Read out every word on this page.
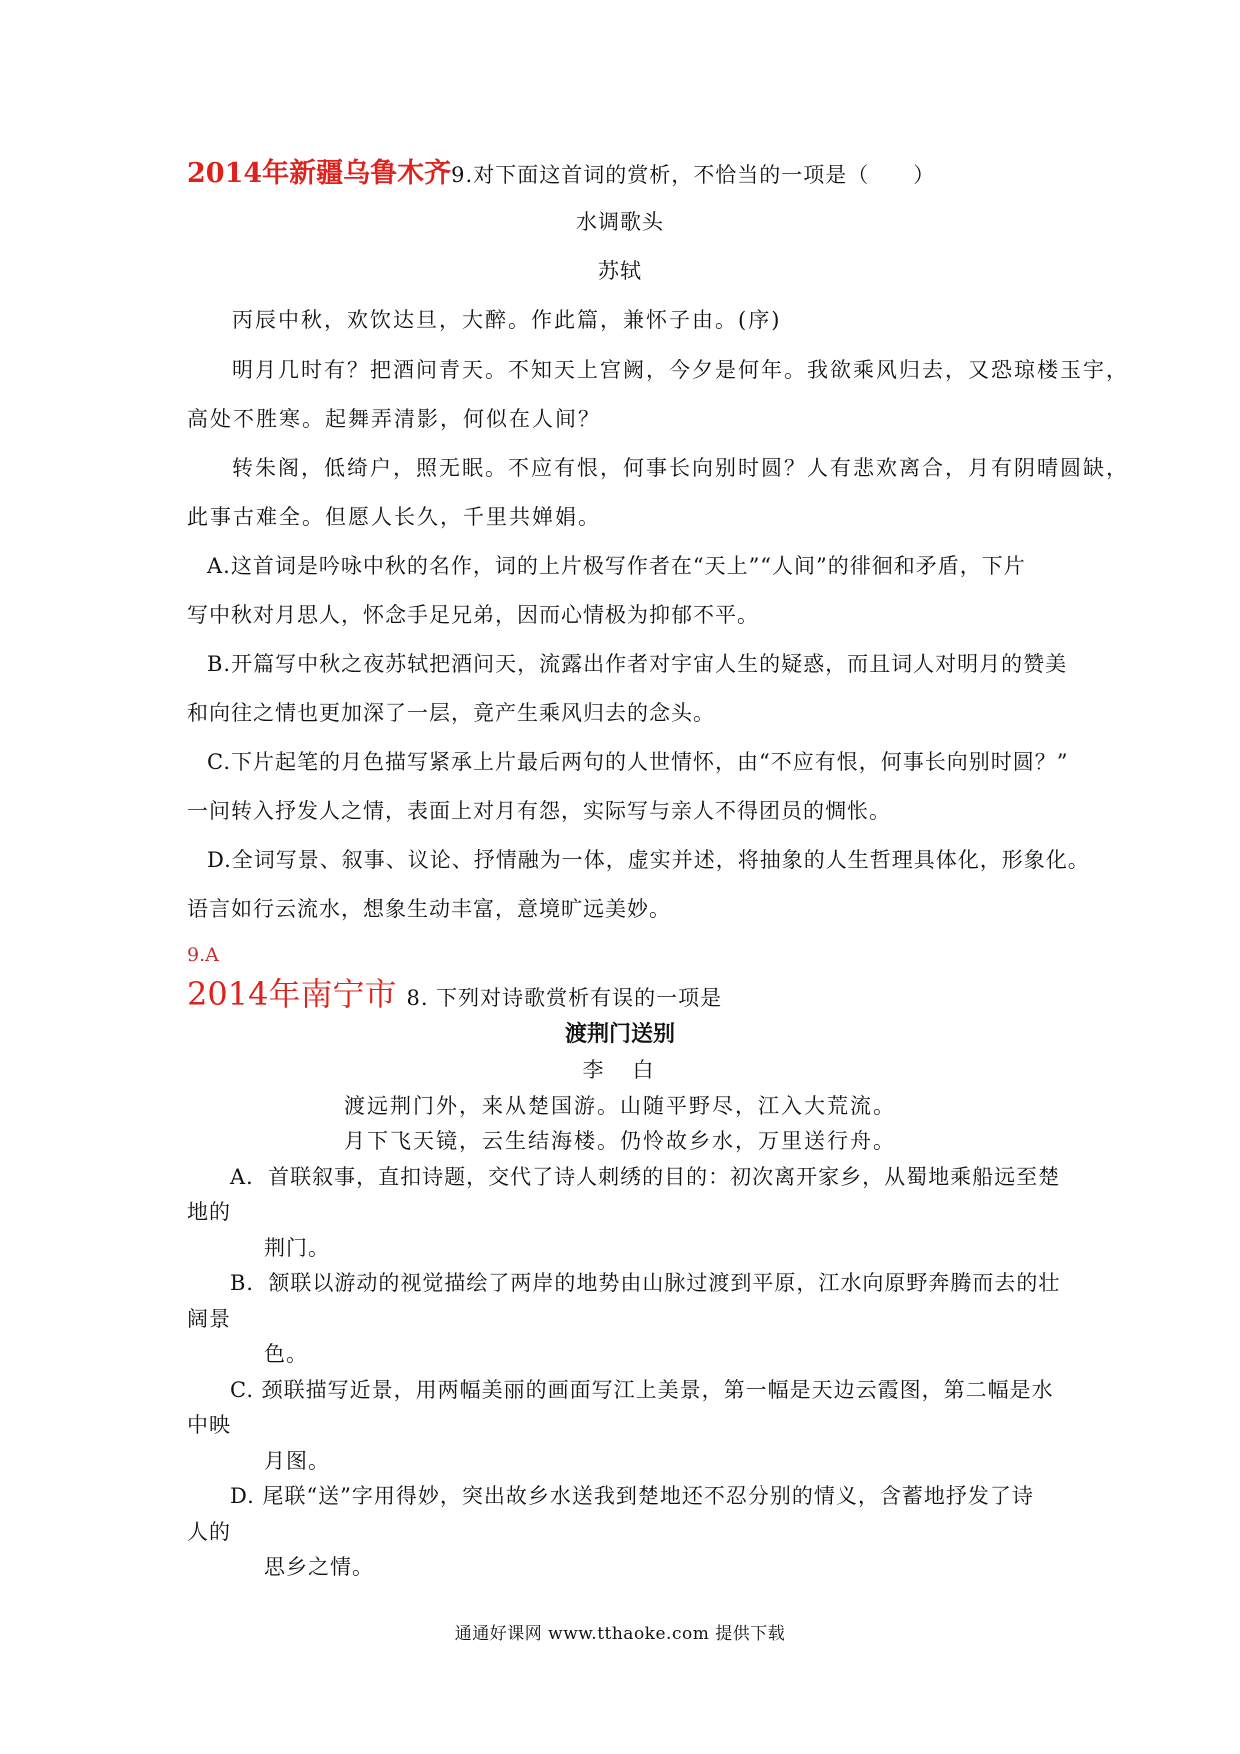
2014年新疆乌鲁木齐9.对下面这首词的赏析，不恰当的一项是（　　）
水调歌头
苏轼
丙辰中秋，欢饮达旦，大醉。作此篇，兼怀子由。(序)
明月几时有？把酒问青天。不知天上宫阙，今夕是何年。我欲乘风归去，又恐琼楼玉宇，
高处不胜寒。起舞弄清影，何似在人间？
转朱阁，低绮户，照无眠。不应有恨，何事长向别时圆？人有悲欢离合，月有阴晴圆缺，
此事古难全。但愿人长久，千里共婵娟。
A.这首词是吟咏中秋的名作，词的上片极写作者在“天上”“人间”的徘徊和矛盾，下片
写中秋对月思人，怀念手足兄弟，因而心情极为抑郁不平。
B.开篇写中秋之夜苏轼把酒问天，流露出作者对宇宙人生的疑惑，而且词人对明月的赞美
和向往之情也更加深了一层，竟产生乘风归去的念头。
C.下片起笔的月色描写紧承上片最后两句的人世情怀，由“不应有恨，何事长向别时圆？”
一问转入抒发人之情，表面上对月有怨，实际写与亲人不得团员的惆怅。
D.全词写景、叙事、议论、抒情融为一体，虚实并述，将抽象的人生哲理具体化，形象化。
语言如行云流水，想象生动丰富，意境旷远美妙。
9.A
2014年南宁市 8. 下列对诗歌赏析有误的一项是
渡荆门送别
李　白
渡远荆门外，来从楚国游。山随平野尽，江入大荒流。
月下飞天镜，云生结海楼。仍怜故乡水，万里送行舟。
A．首联叙事，直扣诗题，交代了诗人刺绣的目的：初次离开家乡，从蜀地乘船远至楚
地的
荆门。
B．颔联以游动的视觉描绘了两岸的地势由山脉过渡到平原，江水向原野奔腾而去的壮
阔景
色。
C. 颈联描写近景，用两幅美丽的画面写江上美景，第一幅是天边云霞图，第二幅是水
中映
月图。
D. 尾联“送”字用得妙，突出故乡水送我到楚地还不忍分别的情义，含蓄地抒发了诗
人的
思乡之情。
通通好课网 www.tthaoke.com 提供下载
